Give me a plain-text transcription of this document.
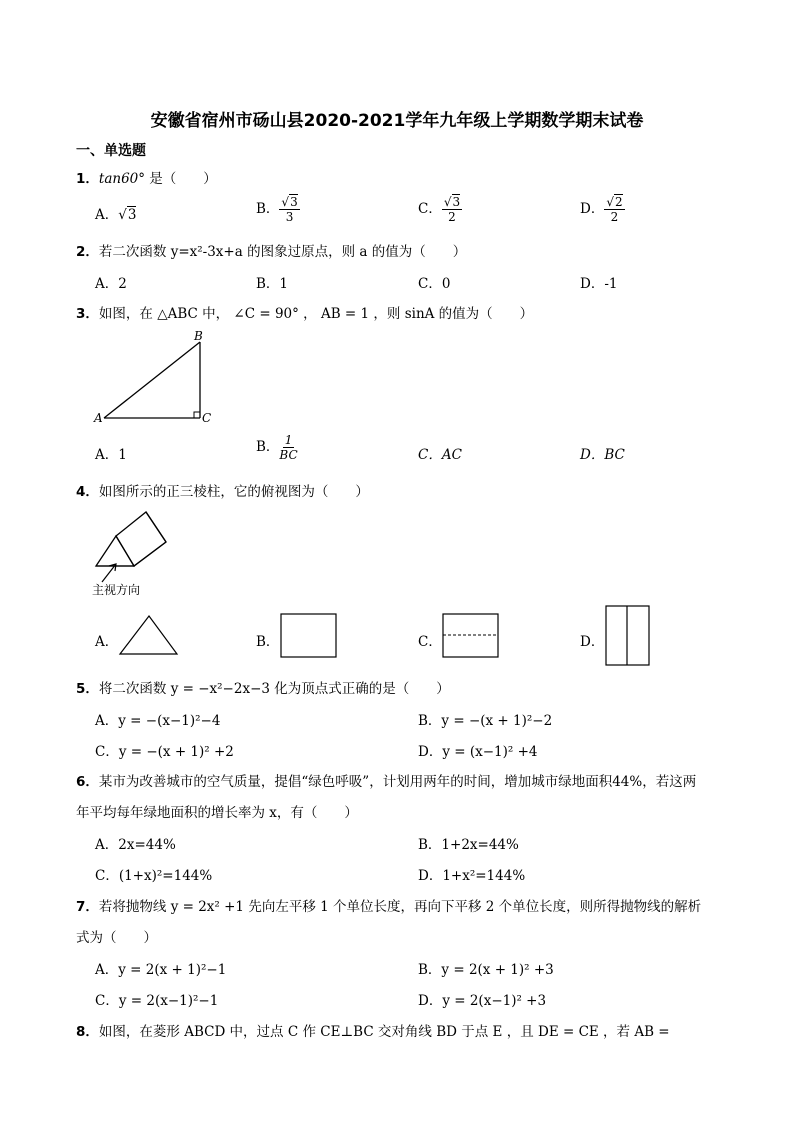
安徽省宿州市砀山县2020-2021学年九年级上学期数学期末试卷
一、单选题
1．tan60° 是（　　）
A．√3	B． $\frac{√3}{3}$	C． $\frac{√3}{2}$	D． $\frac{√2}{2}$
2．若二次函数 y=x²-3x+a 的图象过原点，则 a 的值为（　　）
A．2	B．1	C．0	D．-1
3．如图，在 △ABC 中， ∠C = 90° ， AB = 1 ，则 sinA 的值为（　　）
A
B
C
A．1	B． $\frac{1}{BC}$	C．AC	D．BC
4．如图所示的正三棱柱，它的俯视图为（　　）
主视方向
A．	B．	C．	D．
5．将二次函数 y = −x²−2x−3 化为顶点式正确的是（　　）
A．y = −(x−1)²−4	B．y = −(x + 1)²−2
C．y = −(x + 1)² +2	D．y = (x−1)² +4
6．某市为改善城市的空气质量，提倡“绿色呼吸”，计划用两年的时间，增加城市绿地面积44%，若这两
年平均每年绿地面积的增长率为 x，有（　　）
A．2x=44%	B．1+2x=44%
C．(1+x)²=144%	D．1+x²=144%
7．若将抛物线 y = 2x² +1 先向左平移 1 个单位长度，再向下平移 2 个单位长度，则所得抛物线的解析
式为（　　）
A．y = 2(x + 1)²−1	B．y = 2(x + 1)² +3
C．y = 2(x−1)²−1	D．y = 2(x−1)² +3
8．如图，在菱形 ABCD 中，过点 C 作 CE⊥BC 交对角线 BD 于点 E ，且 DE = CE ，若 AB =
